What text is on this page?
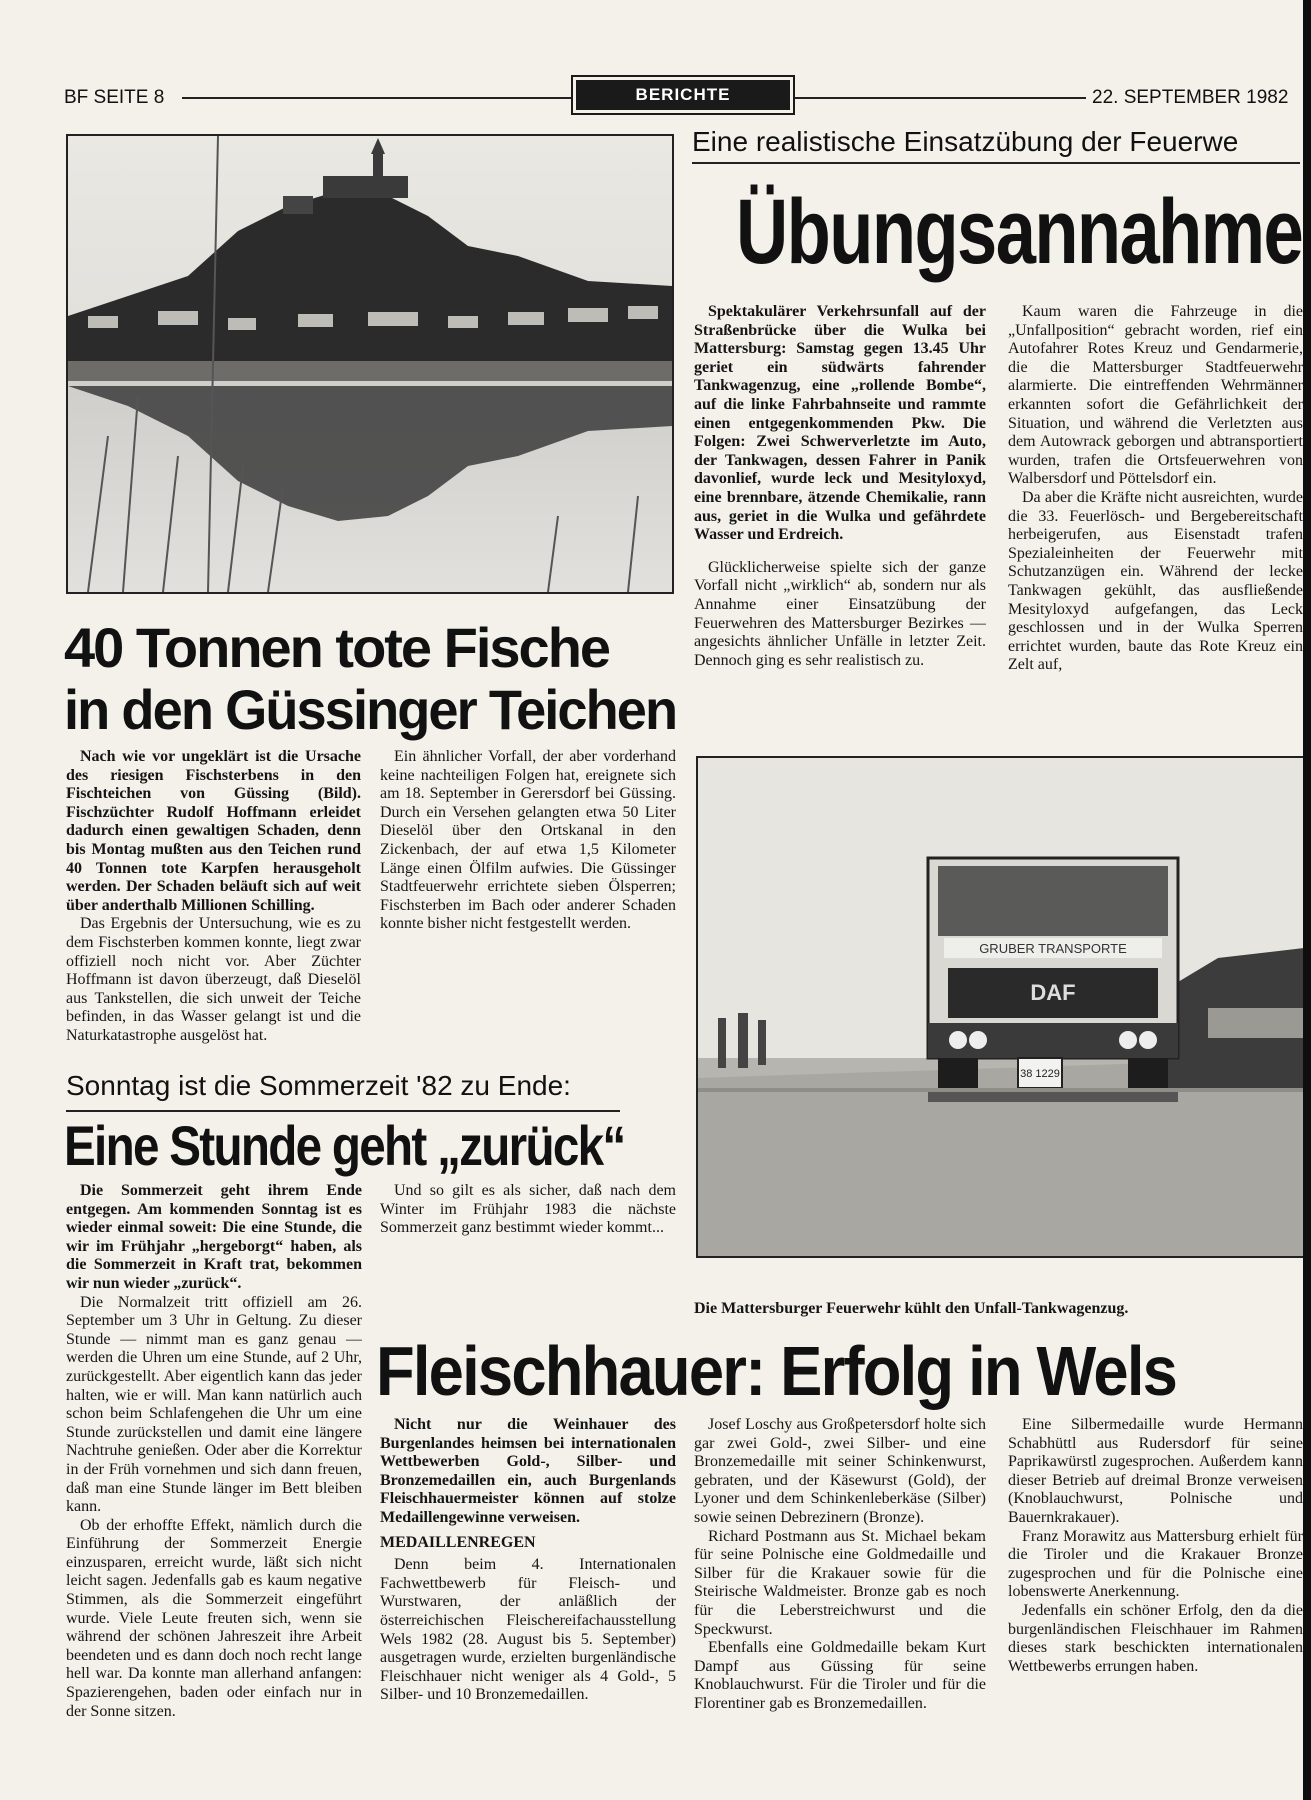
BF SEITE 8	BERICHTE	22. SEPTEMBER 1982
40 Tonnen tote Fische
in den Güssinger Teichen

Nach wie vor ungeklärt ist die Ursache des riesigen Fischsterbens in den Fischteichen von Güssing (Bild). Fischzüchter Rudolf Hoffmann erleidet dadurch einen gewaltigen Schaden, denn bis Montag mußten aus den Teichen rund 40 Tonnen tote Karpfen herausgeholt werden. Der Schaden beläuft sich auf weit über anderthalb Millionen Schilling.

Das Ergebnis der Untersuchung, wie es zu dem Fischsterben kommen konnte, liegt zwar offiziell noch nicht vor. Aber Züchter Hoffmann ist davon überzeugt, daß Dieselöl aus Tankstellen, die sich unweit der Teiche befinden, in das Wasser gelangt ist und die Naturkatastrophe ausgelöst hat.

Ein ähnlicher Vorfall, der aber vorderhand keine nachteiligen Folgen hat, ereignete sich am 18. September in Gerersdorf bei Güssing. Durch ein Versehen gelangten etwa 50 Liter Dieselöl über den Ortskanal in den Zickenbach, der auf etwa 1,5 Kilometer Länge einen Ölfilm aufwies. Die Güssinger Stadtfeuerwehr errichtete sieben Ölsperren; Fischsterben im Bach oder anderer Schaden konnte bisher nicht festgestellt werden.

Sonntag ist die Sommerzeit '82 zu Ende:
Eine Stunde geht „zurück“

Die Sommerzeit geht ihrem Ende entgegen. Am kommenden Sonntag ist es wieder einmal soweit: Die eine Stunde, die wir im Frühjahr „hergeborgt“ haben, als die Sommerzeit in Kraft trat, bekommen wir nun wieder „zurück“.

Die Normalzeit tritt offiziell am 26. September um 3 Uhr in Geltung. Zu dieser Stunde — nimmt man es ganz genau — werden die Uhren um eine Stunde, auf 2 Uhr, zurückgestellt. Aber eigentlich kann das jeder halten, wie er will. Man kann natürlich auch schon beim Schlafengehen die Uhr um eine Stunde zurückstellen und damit eine längere Nachtruhe genießen. Oder aber die Korrektur in der Früh vornehmen und sich dann freuen, daß man eine Stunde länger im Bett bleiben kann.

Ob der erhoffte Effekt, nämlich durch die Einführung der Sommerzeit Energie einzusparen, erreicht wurde, läßt sich nicht leicht sagen. Jedenfalls gab es kaum negative Stimmen, als die Sommerzeit eingeführt wurde. Viele Leute freuten sich, wenn sie während der schönen Jahreszeit ihre Arbeit beendeten und es dann doch noch recht lange hell war. Da konnte man allerhand anfangen: Spazierengehen, baden oder einfach nur in der Sonne sitzen.

Und so gilt es als sicher, daß nach dem Winter im Frühjahr 1983 die nächste Sommerzeit ganz bestimmt wieder kommt...

Eine realistische Einsatzübung der Feuerwe
Übungsannahme

Spektakulärer Verkehrsunfall auf der Straßenbrücke über die Wulka bei Mattersburg: Samstag gegen 13.45 Uhr geriet ein südwärts fahrender Tankwagenzug, eine „rollende Bombe“, auf die linke Fahrbahnseite und rammte einen entgegenkommenden Pkw. Die Folgen: Zwei Schwerverletzte im Auto, der Tankwagen, dessen Fahrer in Panik davonlief, wurde leck und Mesityloxyd, eine brennbare, ätzende Chemikalie, rann aus, geriet in die Wulka und gefährdete Wasser und Erdreich.

Glücklicherweise spielte sich der ganze Vorfall nicht „wirklich“ ab, sondern nur als Annahme einer Einsatzübung der Feuerwehren des Mattersburger Bezirkes — angesichts ähnlicher Unfälle in letzter Zeit. Dennoch ging es sehr realistisch zu.

Kaum waren die Fahrzeuge in die „Unfallposition“ gebracht worden, rief ein Autofahrer Rotes Kreuz und Gendarmerie, die die Mattersburger Stadtfeuerwehr alarmierte. Die eintreffenden Wehrmänner erkannten sofort die Gefährlichkeit der Situation, und während die Verletzten aus dem Autowrack geborgen und abtransportiert wurden, trafen die Ortsfeuerwehren von Walbersdorf und Pöttelsdorf ein.

Da aber die Kräfte nicht ausreichten, wurde die 33. Feuerlösch- und Bergebereitschaft herbeigerufen, aus Eisenstadt trafen Spezialeinheiten der Feuerwehr mit Schutzanzügen ein. Während der lecke Tankwagen gekühlt, das ausfließende Mesityloxyd aufgefangen, das Leck geschlossen und in der Wulka Sperren errichtet wurden, baute das Rote Kreuz ein Zelt auf,

GRUBER TRANSPORTE
DAF
38 1229
Die Mattersburger Feuerwehr kühlt den Unfall-Tankwagenzug.
Fleischhauer: Erfolg in Wels

Nicht nur die Weinhauer des Burgenlandes heimsen bei internationalen Wettbewerben Gold-, Silber- und Bronzemedaillen ein, auch Burgenlands Fleischhauermeister können auf stolze Medaillengewinne verweisen.

MEDAILLENREGEN

Denn beim 4. Internationalen Fachwettbewerb für Fleisch- und Wurstwaren, der anläßlich der österreichischen Fleischereifachausstellung Wels 1982 (28. August bis 5. September) ausgetragen wurde, erzielten burgenländische Fleischhauer nicht weniger als 4 Gold-, 5 Silber- und 10 Bronzemedaillen.

Josef Loschy aus Großpetersdorf holte sich gar zwei Gold-, zwei Silber- und eine Bronzemedaille mit seiner Schinkenwurst, gebraten, und der Käsewurst (Gold), der Lyoner und dem Schinkenleberkäse (Silber) sowie seinen Debrezinern (Bronze).

Richard Postmann aus St. Michael bekam für seine Polnische eine Goldmedaille und Silber für die Krakauer sowie für die Steirische Waldmeister. Bronze gab es noch für die Leberstreichwurst und die Speckwurst.

Ebenfalls eine Goldmedaille bekam Kurt Dampf aus Güssing für seine Knoblauchwurst. Für die Tiroler und für die Florentiner gab es Bronzemedaillen.

Eine Silbermedaille wurde Hermann Schabhüttl aus Rudersdorf für seine Paprikawürstl zugesprochen. Außerdem kann dieser Betrieb auf dreimal Bronze verweisen (Knoblauchwurst, Polnische und Bauernkrakauer).

Franz Morawitz aus Mattersburg erhielt für die Tiroler und die Krakauer Bronze zugesprochen und für die Polnische eine lobenswerte Anerkennung.

Jedenfalls ein schöner Erfolg, den da die burgenländischen Fleischhauer im Rahmen dieses stark beschickten internationalen Wettbewerbs errungen haben.
